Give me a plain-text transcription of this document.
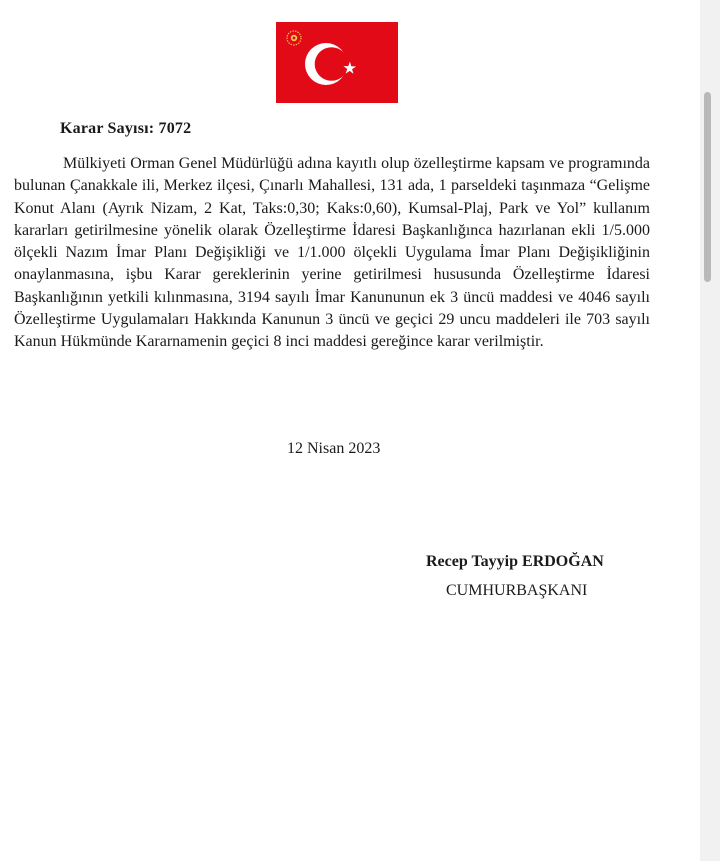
Karar Sayısı: 7072

Mülkiyeti Orman Genel Müdürlüğü adına kayıtlı olup özelleştirme kapsam ve programında bulunan Çanakkale ili, Merkez ilçesi, Çınarlı Mahallesi, 131 ada, 1 parseldeki taşınmaza “Gelişme Konut Alanı (Ayrık Nizam, 2 Kat, Taks:0,30; Kaks:0,60), Kumsal-Plaj, Park ve Yol” kullanım kararları getirilmesine yönelik olarak Özelleştirme İdaresi Başkanlığınca hazırlanan ekli 1/5.000 ölçekli Nazım İmar Planı Değişikliği ve 1/1.000 ölçekli Uygulama İmar Planı Değişikliğinin onaylanmasına, işbu Karar gereklerinin yerine getirilmesi hususunda Özelleştirme İdaresi Başkanlığının yetkili kılınmasına, 3194 sayılı İmar Kanununun ek 3 üncü maddesi ve 4046 sayılı Özelleştirme Uygulamaları Hakkında Kanunun 3 üncü ve geçici 29 uncu maddeleri ile 703 sayılı Kanun Hükmünde Kararnamenin geçici 8 inci maddesi gereğince karar verilmiştir.

12 Nisan 2023
Recep Tayyip ERDOĞAN
CUMHURBAŞKANI
